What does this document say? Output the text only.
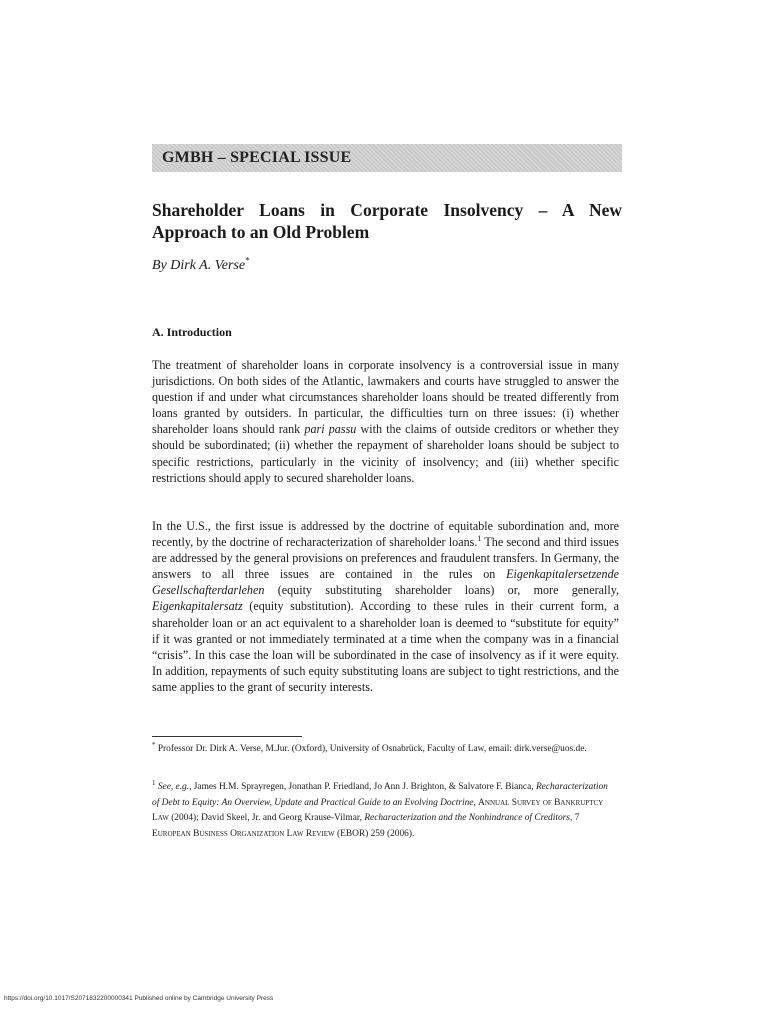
GMBH – SPECIAL ISSUE
Shareholder Loans in Corporate Insolvency – A New Approach to an Old Problem
By Dirk A. Verse*
A. Introduction

The treatment of shareholder loans in corporate insolvency is a controversial issue in many jurisdictions. On both sides of the Atlantic, lawmakers and courts have struggled to answer the question if and under what circumstances shareholder loans should be treated differently from loans granted by outsiders. In particular, the difficulties turn on three issues: (i) whether shareholder loans should rank pari passu with the claims of outside creditors or whether they should be subordinated; (ii) whether the repayment of shareholder loans should be subject to specific restrictions, particularly in the vicinity of insolvency; and (iii) whether specific restrictions should apply to secured shareholder loans.

In the U.S., the first issue is addressed by the doctrine of equitable subordination and, more recently, by the doctrine of recharacterization of shareholder loans.$^1$ The second and third issues are addressed by the general provisions on preferences and fraudulent transfers. In Germany, the answers to all three issues are contained in the rules on Eigenkapitalersetzende Gesellschafterdarlehen (equity substituting shareholder loans) or, more generally, Eigenkapitalersatz (equity substitution). According to these rules in their current form, a shareholder loan or an act equivalent to a shareholder loan is deemed to “substitute for equity” if it was granted or not immediately terminated at a time when the company was in a financial “crisis”. In this case the loan will be subordinated in the case of insolvency as if it were equity. In addition, repayments of such equity substituting loans are subject to tight restrictions, and the same applies to the grant of security interests.

* Professor Dr. Dirk A. Verse, M.Jur. (Oxford), University of Osnabrück, Faculty of Law, email: dirk.verse@uos.de.

$^1$ See, e.g., James H.M. Sprayregen, Jonathan P. Friedland, Jo Ann J. Brighton, & Salvatore F. Bianca, Recharacterization of Debt to Equity: An Overview, Update and Practical Guide to an Evolving Doctrine, Annual Survey of Bankruptcy Law (2004); David Skeel, Jr. and Georg Krause-Vilmar, Recharacterization and the Nonhindrance of Creditors, 7 European Business Organization Law Review (EBOR) 259 (2006).

https://doi.org/10.1017/S2071832200000341 Published online by Cambridge University Press
